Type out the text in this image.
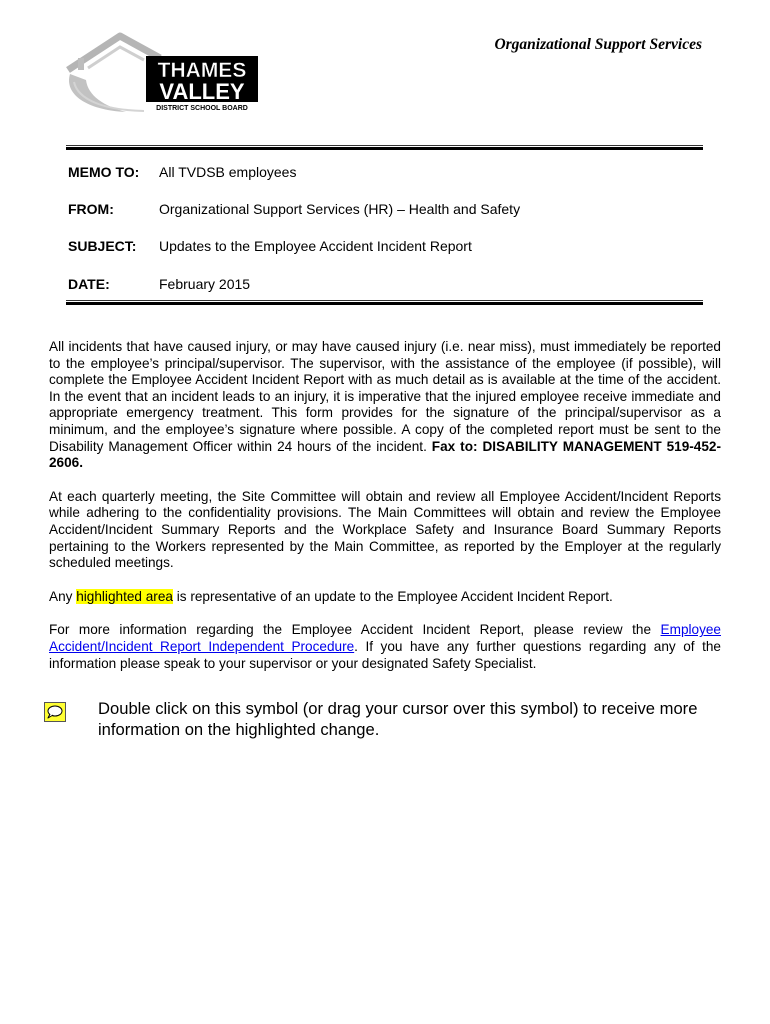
THAMES
VALLEY
DISTRICT SCHOOL BOARD
Organizational Support Services
MEMO TO: All TVDSB employees
FROM:	Organizational Support Services (HR) – Health and Safety
SUBJECT: Updates to the Employee Accident Incident Report
DATE:	February 2015

All incidents that have caused injury, or may have caused injury (i.e. near miss), must immediately be reported to the employee’s principal/supervisor. The supervisor, with the assistance of the employee (if possible), will complete the Employee Accident Incident Report with as much detail as is available at the time of the accident. In the event that an incident leads to an injury, it is imperative that the injured employee receive immediate and appropriate emergency treatment. This form provides for the signature of the principal/supervisor as a minimum, and the employee’s signature where possible. A copy of the completed report must be sent to the Disability Management Officer within 24 hours of the incident. Fax to: DISABILITY MANAGEMENT 519-452-2606.

At each quarterly meeting, the Site Committee will obtain and review all Employee Accident/Incident Reports while adhering to the confidentiality provisions. The Main Committees will obtain and review the Employee Accident/Incident Summary Reports and the Workplace Safety and Insurance Board Summary Reports pertaining to the Workers represented by the Main Committee, as reported by the Employer at the regularly scheduled meetings.

Any highlighted area is representative of an update to the Employee Accident Incident Report.

For more information regarding the Employee Accident Incident Report, please review the Employee Accident/Incident Report Independent Procedure. If you have any further questions regarding any of the information please speak to your supervisor or your designated Safety Specialist.

Double click on this symbol (or drag your cursor over this symbol) to receive more information on the highlighted change.
